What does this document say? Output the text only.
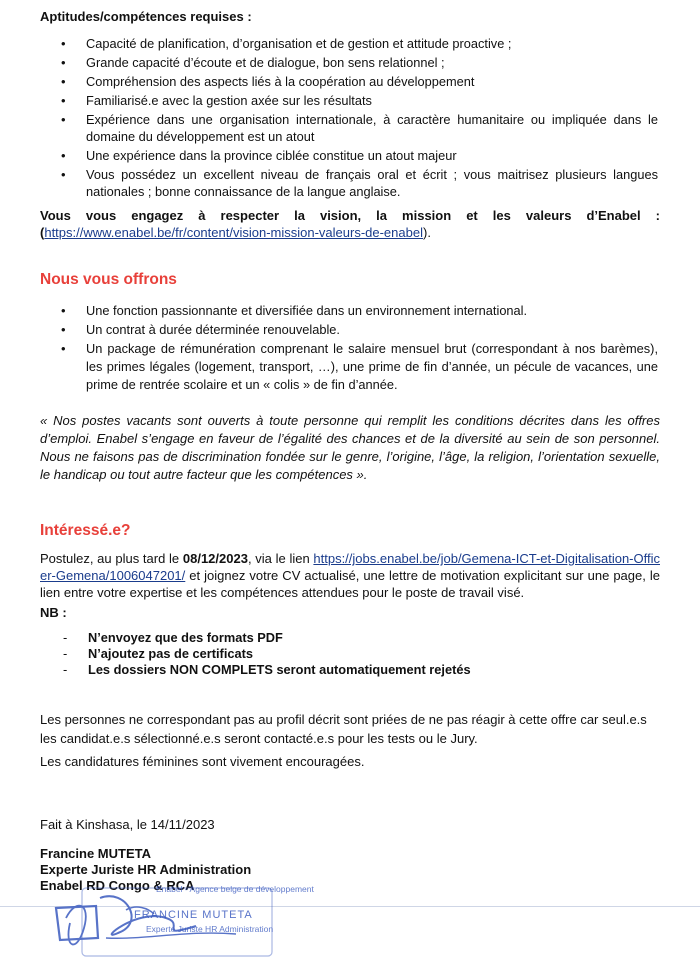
Aptitudes/compétences requises :
• Capacité de planification, d’organisation et de gestion et attitude proactive ;
• Grande capacité d’écoute et de dialogue, bon sens relationnel ;
• Compréhension des aspects liés à la coopération au développement
• Familiarisé.e avec la gestion axée sur les résultats
• Expérience dans une organisation internationale, à caractère humanitaire ou impliquée dans le domaine du développement est un atout
• Une expérience dans la province ciblée constitue un atout majeur
• Vous possédez un excellent niveau de français oral et écrit ; vous maitrisez plusieurs langues nationales ; bonne connaissance de la langue anglaise.
Vous vous engagez à respecter la vision, la mission et les valeurs d’Enabel :(https://www.enabel.be/fr/content/vision-mission-valeurs-de-enabel).
Nous vous offrons
• Une fonction passionnante et diversifiée dans un environnement international.
• Un contrat à durée déterminée renouvelable.
• Un package de rémunération comprenant le salaire mensuel brut (correspondant à nos barèmes), les primes légales (logement, transport, …), une prime de fin d’année, un pécule de vacances, une prime de rentrée scolaire et un « colis » de fin d’année.
« Nos postes vacants sont ouverts à toute personne qui remplit les conditions décrites dans les offres d’emploi. Enabel s’engage en faveur de l’égalité des chances et de la diversité au sein de son personnel. Nous ne faisons pas de discrimination fondée sur le genre, l’origine, l’âge, la religion, l’orientation sexuelle, le handicap ou tout autre facteur que les compétences ».
Intéressé.e?
Postulez, au plus tard le 08/12/2023, via le lien https://jobs.enabel.be/job/Gemena-ICT-et-Digitalisation-Officer-Gemena/1006047201/ et joignez votre CV actualisé, une lettre de motivation explicitant sur une page, le lien entre votre expertise et les compétences attendues pour le poste de travail visé.
NB :
- N’envoyez que des formats PDF
- N’ajoutez pas de certificats
- Les dossiers NON COMPLETS seront automatiquement rejetés
Les personnes ne correspondant pas au profil décrit sont priées de ne pas réagir à cette offre car seul.e.s les candidat.e.s sélectionné.e.s seront contacté.e.s pour les tests ou le Jury.
Les candidatures féminines sont vivement encouragées.
Fait à Kinshasa, le 14/11/2023
Francine MUTETA
Experte Juriste HR Administration
Enabel RD Congo & RCA
Enabel - Agence belge de développement
FRANCINE MUTETA
Experte Juriste HR Administration
